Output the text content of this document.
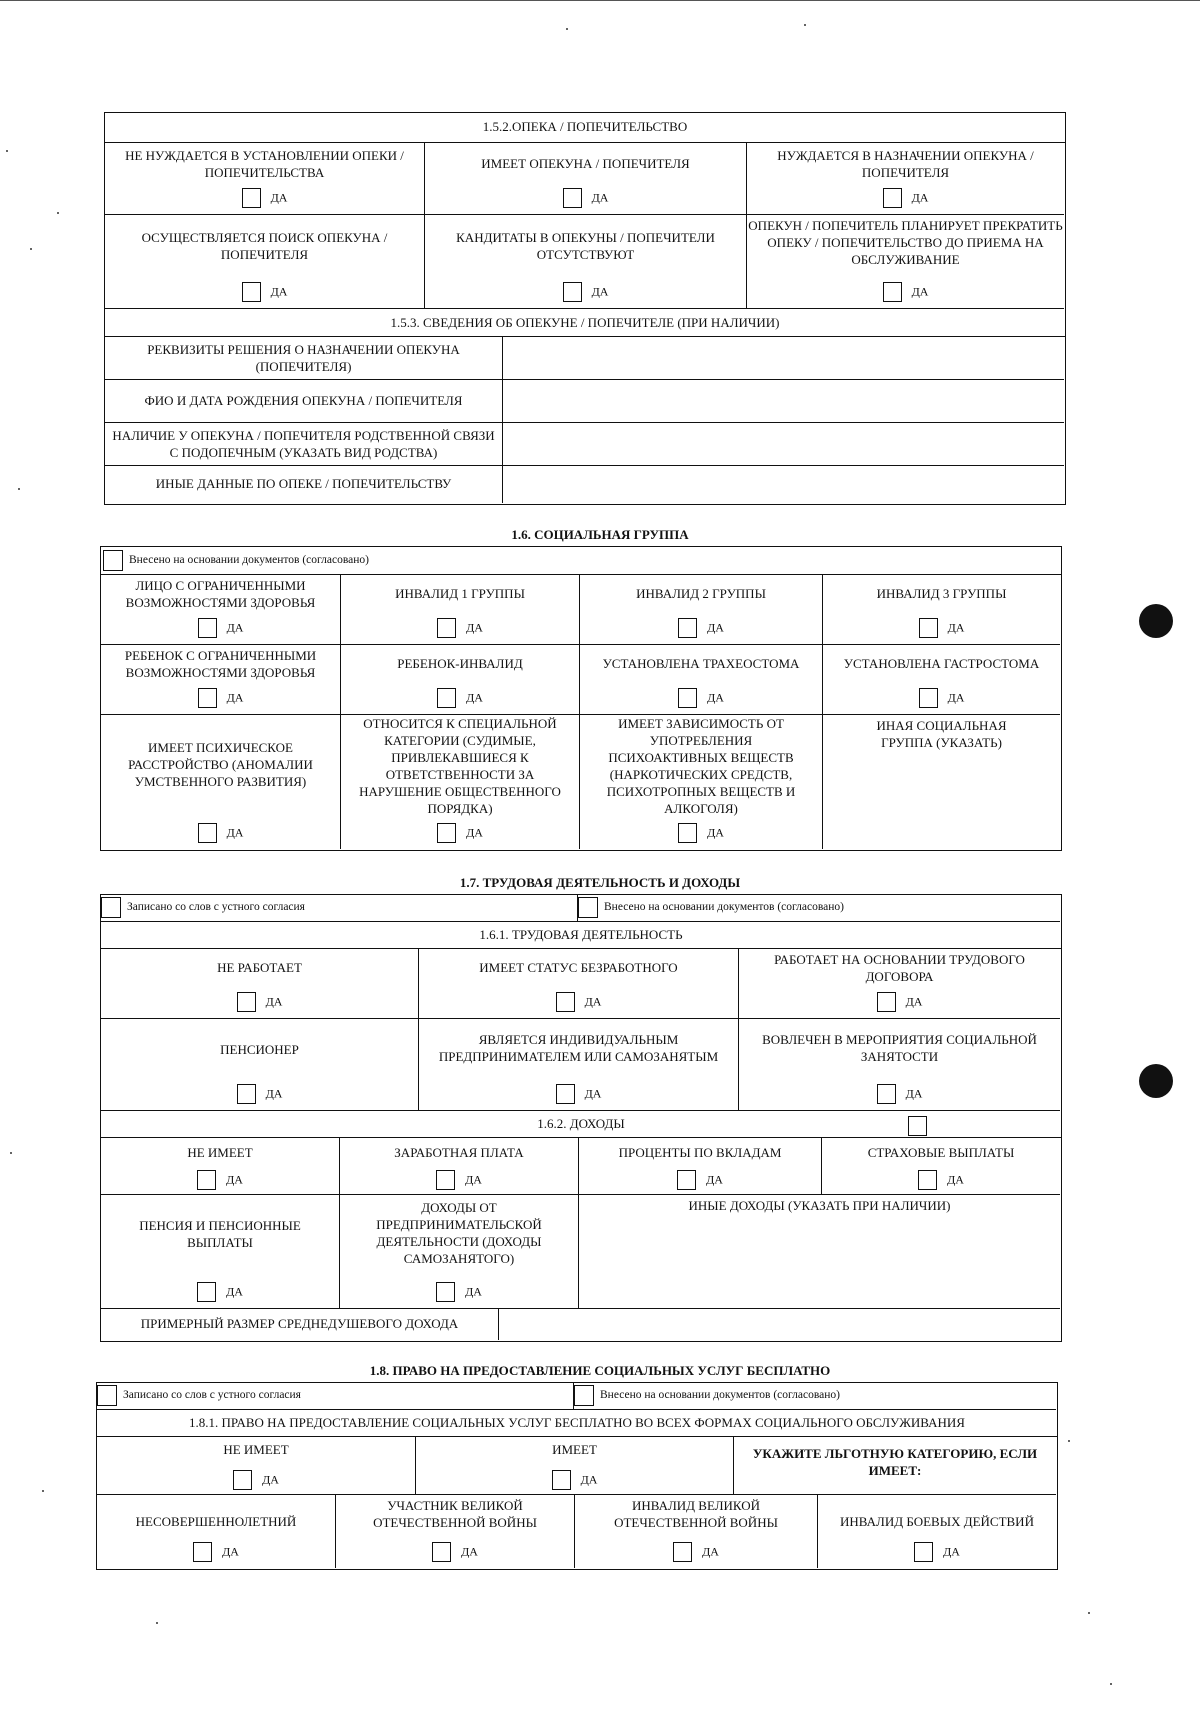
1.5.2.ОПЕКА / ПОПЕЧИТЕЛЬСТВО
НЕ НУЖДАЕТСЯ В УСТАНОВЛЕНИИ ОПЕКИ / ПОПЕЧИТЕЛЬСТВА
ДА
ИМЕЕТ ОПЕКУНА / ПОПЕЧИТЕЛЯ
ДА
НУЖДАЕТСЯ В НАЗНАЧЕНИИ ОПЕКУНА / ПОПЕЧИТЕЛЯ
ДА
ОСУЩЕСТВЛЯЕТСЯ ПОИСК ОПЕКУНА / ПОПЕЧИТЕЛЯ
ДА
КАНДИТАТЫ В ОПЕКУНЫ / ПОПЕЧИТЕЛИ ОТСУТСТВУЮТ
ДА
ОПЕКУН / ПОПЕЧИТЕЛЬ ПЛАНИРУЕТ ПРЕКРАТИТЬ ОПЕКУ / ПОПЕЧИТЕЛЬСТВО ДО ПРИЕМА НА ОБСЛУЖИВАНИЕ
ДА
1.5.3. СВЕДЕНИЯ ОБ ОПЕКУНЕ / ПОПЕЧИТЕЛЕ (ПРИ НАЛИЧИИ)
РЕКВИЗИТЫ РЕШЕНИЯ О НАЗНАЧЕНИИ ОПЕКУНА (ПОПЕЧИТЕЛЯ)
ФИО И ДАТА РОЖДЕНИЯ ОПЕКУНА / ПОПЕЧИТЕЛЯ
НАЛИЧИЕ У ОПЕКУНА / ПОПЕЧИТЕЛЯ РОДСТВЕННОЙ СВЯЗИ С ПОДОПЕЧНЫМ (УКАЗАТЬ ВИД РОДСТВА)
ИНЫЕ ДАННЫЕ ПО ОПЕКЕ / ПОПЕЧИТЕЛЬСТВУ
1.6. СОЦИАЛЬНАЯ ГРУППА
Внесено на основании документов (согласовано)
ЛИЦО С ОГРАНИЧЕННЫМИ ВОЗМОЖНОСТЯМИ ЗДОРОВЬЯ
ДА
ИНВАЛИД 1 ГРУППЫ
ДА
ИНВАЛИД 2 ГРУППЫ
ДА
ИНВАЛИД 3 ГРУППЫ
ДА
РЕБЕНОК С ОГРАНИЧЕННЫМИ ВОЗМОЖНОСТЯМИ ЗДОРОВЬЯ
ДА
РЕБЕНОК-ИНВАЛИД
ДА
УСТАНОВЛЕНА ТРАХЕОСТОМА
ДА
УСТАНОВЛЕНА ГАСТРОСТОМА
ДА
ИМЕЕТ ПСИХИЧЕСКОЕ РАССТРОЙСТВО (АНОМАЛИИ УМСТВЕННОГО РАЗВИТИЯ)
ДА
ОТНОСИТСЯ К СПЕЦИАЛЬНОЙ КАТЕГОРИИ (СУДИМЫЕ, ПРИВЛЕКАВШИЕСЯ К ОТВЕТСТВЕННОСТИ ЗА НАРУШЕНИЕ ОБЩЕСТВЕННОГО ПОРЯДКА)
ДА
ИМЕЕТ ЗАВИСИМОСТЬ ОТ УПОТРЕБЛЕНИЯ ПСИХОАКТИВНЫХ ВЕЩЕСТВ (НАРКОТИЧЕСКИХ СРЕДСТВ, ПСИХОТРОПНЫХ ВЕЩЕСТВ И АЛКОГОЛЯ)
ДА
ИНАЯ СОЦИАЛЬНАЯ ГРУППА (УКАЗАТЬ)
1.7. ТРУДОВАЯ ДЕЯТЕЛЬНОСТЬ И ДОХОДЫ
Записано со слов с устного согласия	Внесено на основании документов (согласовано)
1.6.1. ТРУДОВАЯ ДЕЯТЕЛЬНОСТЬ
НЕ РАБОТАЕТ
ДА
ИМЕЕТ СТАТУС БЕЗРАБОТНОГО
ДА
РАБОТАЕТ НА ОСНОВАНИИ ТРУДОВОГО ДОГОВОРА
ДА
ПЕНСИОНЕР
ДА
ЯВЛЯЕТСЯ ИНДИВИДУАЛЬНЫМ ПРЕДПРИНИМАТЕЛЕМ ИЛИ САМОЗАНЯТЫМ
ДА
ВОВЛЕЧЕН В МЕРОПРИЯТИЯ СОЦИАЛЬНОЙ ЗАНЯТОСТИ
ДА
1.6.2. ДОХОДЫ
НЕ ИМЕЕТ
ДА
ЗАРАБОТНАЯ ПЛАТА
ДА
ПРОЦЕНТЫ ПО ВКЛАДАМ
ДА
СТРАХОВЫЕ ВЫПЛАТЫ
ДА
ПЕНСИЯ И ПЕНСИОННЫЕ ВЫПЛАТЫ
ДА
ДОХОДЫ ОТ ПРЕДПРИНИМАТЕЛЬСКОЙ ДЕЯТЕЛЬНОСТИ (ДОХОДЫ САМОЗАНЯТОГО)
ДА
ИНЫЕ ДОХОДЫ (УКАЗАТЬ ПРИ НАЛИЧИИ)
ПРИМЕРНЫЙ РАЗМЕР СРЕДНЕДУШЕВОГО ДОХОДА
1.8. ПРАВО НА ПРЕДОСТАВЛЕНИЕ СОЦИАЛЬНЫХ УСЛУГ БЕСПЛАТНО
Записано со слов с устного согласия	Внесено на основании документов (согласовано)
1.8.1. ПРАВО НА ПРЕДОСТАВЛЕНИЕ СОЦИАЛЬНЫХ УСЛУГ БЕСПЛАТНО ВО ВСЕХ ФОРМАХ СОЦИАЛЬНОГО ОБСЛУЖИВАНИЯ
НЕ ИМЕЕТ
ДА
ИМЕЕТ
ДА
УКАЖИТЕ ЛЬГОТНУЮ КАТЕГОРИЮ, ЕСЛИ ИМЕЕТ:
НЕСОВЕРШЕННОЛЕТНИЙ
ДА
УЧАСТНИК ВЕЛИКОЙ ОТЕЧЕСТВЕННОЙ ВОЙНЫ
ДА
ИНВАЛИД ВЕЛИКОЙ ОТЕЧЕСТВЕННОЙ ВОЙНЫ
ДА
ИНВАЛИД БОЕВЫХ ДЕЙСТВИЙ
ДА
